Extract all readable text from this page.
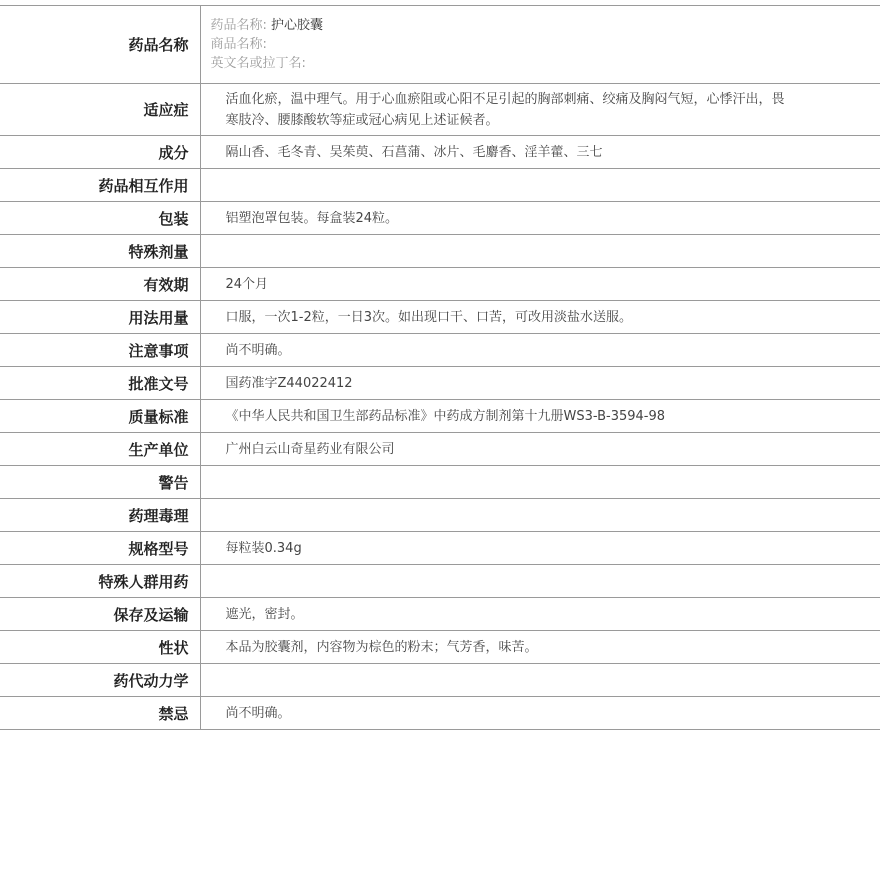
药品名称	药品名称: 护心胶囊
商品名称:
英文名或拉丁名:

适应症	活血化瘀，温中理气。用于心血瘀阻或心阳不足引起的胸部刺痛、绞痛及胸闷气短，心悸汗出，畏寒肢冷、腰膝酸软等症或冠心病见上述证候者。
成分	隔山香、毛冬青、吴茱萸、石菖蒲、冰片、毛麝香、淫羊藿、三七
药品相互作用	
包装	铝塑泡罩包装。每盒装24粒。
特殊剂量	
有效期	24个月
用法用量	口服，一次1-2粒，一日3次。如出现口干、口苦，可改用淡盐水送服。
注意事项	尚不明确。
批准文号	国药准字Z44022412
质量标准	《中华人民共和国卫生部药品标准》中药成方制剂第十九册WS3-B-3594-98
生产单位	广州白云山奇星药业有限公司
警告	
药理毒理	
规格型号	每粒装0.34g
特殊人群用药	
保存及运输	遮光，密封。
性状	本品为胶囊剂，内容物为棕色的粉末；气芳香，味苦。
药代动力学	
禁忌	尚不明确。
